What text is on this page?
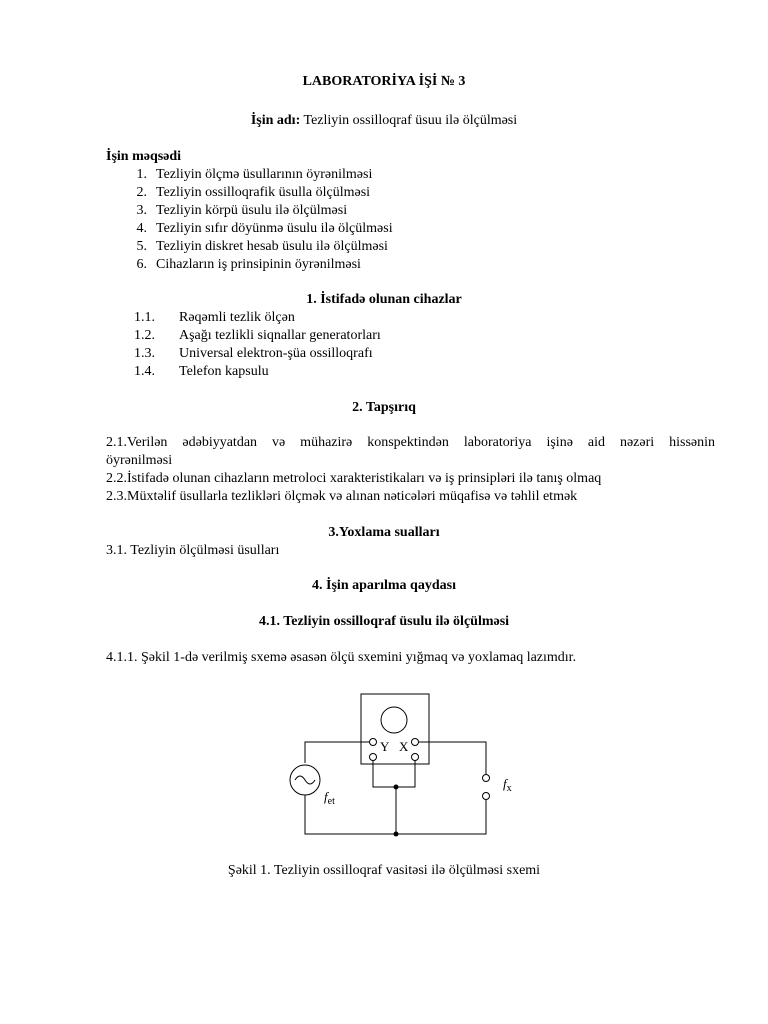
LABORATORİYA İŞİ № 3
İşin adı: Tezliyin ossilloqraf üsuu ilə ölçülməsi
İşin məqsədi
1. Tezliyin ölçmə üsullarının öyrənilməsi
2. Tezliyin ossilloqrafik üsulla ölçülməsi
3. Tezliyin körpü üsulu ilə ölçülməsi
4. Tezliyin sıfır döyünmə üsulu ilə ölçülməsi
5. Tezliyin diskret hesab üsulu ilə ölçülməsi
6. Cihazların iş prinsipinin öyrənilməsi
1. İstifadə olunan cihazlar
1.1. Rəqəmli tezlik ölçən
1.2. Aşağı tezlikli siqnallar generatorları
1.3. Universal elektron-şüa ossilloqrafı
1.4. Telefon kapsulu
2. Tapşırıq
2.1.Verilən ədəbiyyatdan və mühazirə konspektindən laboratoriya işinə aid nəzəri hissənin
öyrənilməsi
2.2.İstifadə olunan cihazların metroloci xarakteristikaları və iş prinsipləri ilə tanış olmaq
2.3.Müxtəlif üsullarla tezlikləri ölçmək və alınan nəticələri müqafisə və təhlil etmək
3.Yoxlama sualları
3.1. Tezliyin ölçülməsi üsulları
4. İşin aparılma qaydası
4.1. Tezliyin ossilloqraf üsulu ilə ölçülməsi
4.1.1. Şəkil 1-də verilmiş sxemə əsasən ölçü sxemini yığmaq və yoxlamaq lazımdır.
Y X
$f_{et}$
$f_x$
Şəkil 1. Tezliyin ossilloqraf vasitəsi ilə ölçülməsi sxemi
